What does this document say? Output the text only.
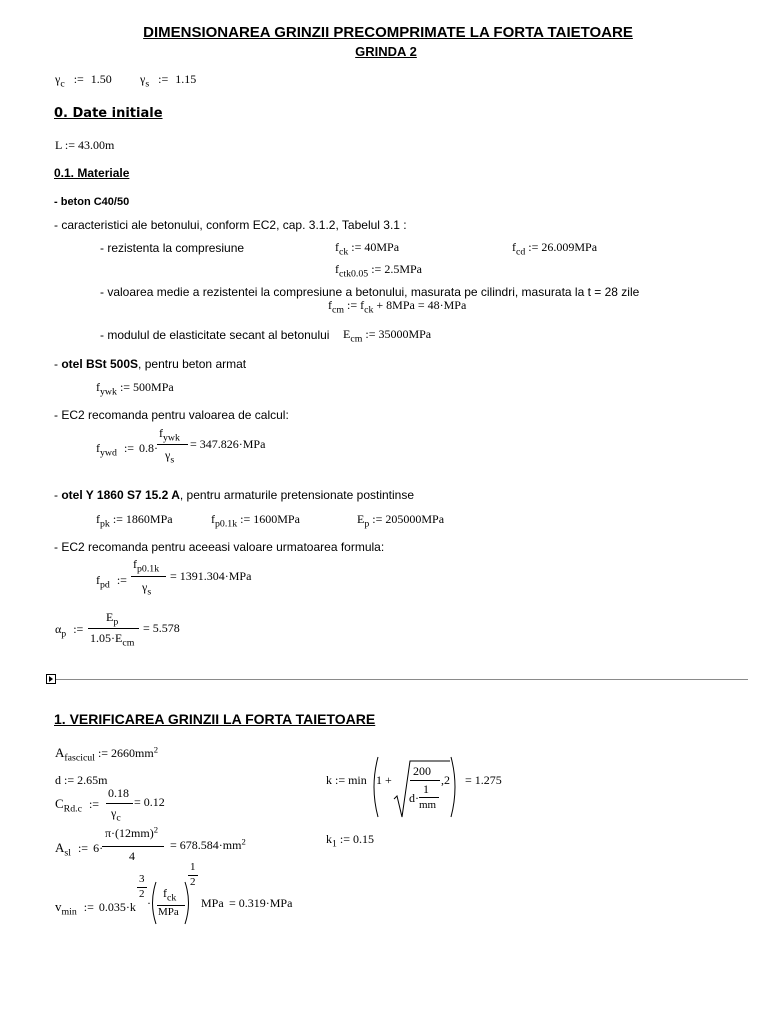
DIMENSIONAREA GRINZII PRECOMPRIMATE LA FORTA TAIETOARE
GRINDA 2
$\gamma_c$ := 1.50 $\gamma_s$ := 1.15
0. Date initiale
L := 43.00m
0.1. Materiale
- beton C40/50
- caracteristici ale betonului, conform EC2, cap. 3.1.2, Tabelul 3.1 :
- rezistenta la compresiune	$f_{ck}$ := 40MPa	$f_{cd}$ := 26.009MPa
$f_{ctk0.05}$ := 2.5MPa
- valoarea medie a rezistentei la compresiune a betonului, masurata pe cilindri, masurata la t = 28 zile
$f_{cm}$ := $f_{ck} + 8MPa = 48\cdot MPa$
- modulul de elasticitate secant al betonului $E_{cm}$ := 35000MPa
- otel BSt 500S, pentru beton armat
$f_{ywk}$ := 500MPa
- EC2 recomanda pentru valoarea de calcul:
$f_{ywd}$ := 0.8·
$f_{ywk}$
$\gamma_s$
= 347.826·MPa
- otel Y 1860 S7 15.2 A, pentru armaturile pretensionate postintinse
$f_{pk}$ := 1860MPa	$f_{p0.1k}$ := 1600MPa	$E_p$ := 205000MPa
- EC2 recomanda pentru aceeasi valoare urmatoarea formula:
$f_{pd}$ :=
$f_{p0.1k}$
$\gamma_s$
= 1391.304·MPa
$\alpha_p$ :=
$E_p$
$1.05\cdot E_{cm}$
= 5.578
1. VERIFICAREA GRINZII LA FORTA TAIETOARE
$A_{fascicul}$ := $2660mm^2$
d := 2.65m
$C_{Rd.c}$ :=
0.18
$\gamma_c$
= 0.12
k := min 1 +
200
d·
1
mm
,2 = 1.275
$A_{sl}$ := 6·
$\pi\cdot(12mm)^2$
4
= $678.584\cdot mm^2$	$k_1$ := 0.15
$v_{min}$ := 0.035·k
3
2
·
$f_{ck}$
MPa
1
2
MPa = 0.319·MPa
